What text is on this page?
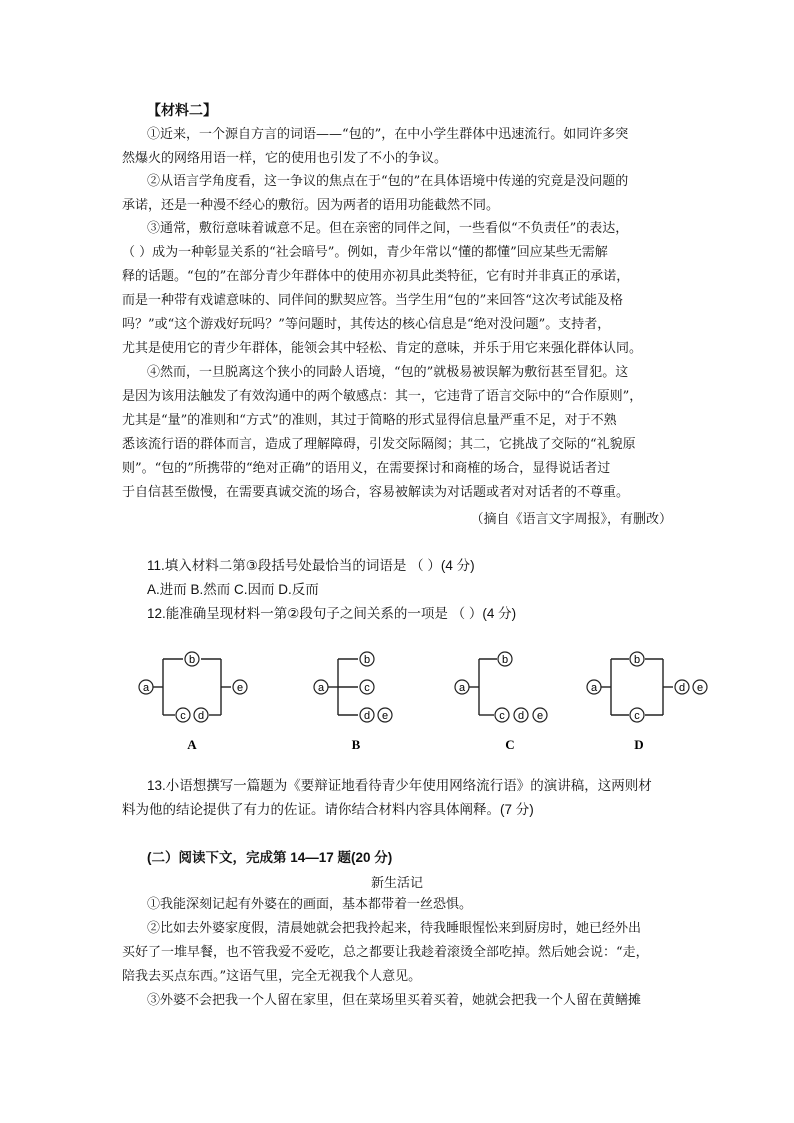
【材料二】
①近来，一个源自方言的词语——“包的”，在中小学生群体中迅速流行。如同许多突
然爆火的网络用语一样，它的使用也引发了不小的争议。
②从语言学角度看，这一争议的焦点在于“包的”在具体语境中传递的究竟是没问题的
承诺，还是一种漫不经心的敷衍。因为两者的语用功能截然不同。
③通常，敷衍意味着诚意不足。但在亲密的同伴之间，一些看似“不负责任”的表达，
（ ）成为一种彰显关系的“社会暗号”。例如，青少年常以“懂的都懂”回应某些无需解
释的话题。“包的”在部分青少年群体中的使用亦初具此类特征，它有时并非真正的承诺，
而是一种带有戏谑意味的、同伴间的默契应答。当学生用“包的”来回答“这次考试能及格
吗？”或“这个游戏好玩吗？”等问题时，其传达的核心信息是“绝对没问题”。支持者，
尤其是使用它的青少年群体，能领会其中轻松、肯定的意味，并乐于用它来强化群体认同。
④然而，一旦脱离这个狭小的同龄人语境，“包的”就极易被误解为敷衍甚至冒犯。这
是因为该用法触发了有效沟通中的两个敏感点：其一，它违背了语言交际中的“合作原则”，
尤其是“量”的准则和“方式”的准则，其过于简略的形式显得信息量严重不足，对于不熟
悉该流行语的群体而言，造成了理解障碍，引发交际隔阂；其二，它挑战了交际的“礼貌原
则”。“包的”所携带的“绝对正确”的语用义，在需要探讨和商榷的场合，显得说话者过
于自信甚至傲慢，在需要真诚交流的场合，容易被解读为对话题或者对对话者的不尊重。
（摘自《语言文字周报》，有删改）
11.填入材料二第③段括号处最恰当的词语是 （ ）(4 分)
A.进而 B.然而 C.因而 D.反而
12.能准确呈现材料一第②段句子之间关系的一项是 （ ）(4 分)
a
b
c d
e	a
b
c
d e
a
b
c d e
a
b
c
d e
A	B	C	D
13.小语想撰写一篇题为《要辩证地看待青少年使用网络流行语》的演讲稿，这两则材
料为他的结论提供了有力的佐证。请你结合材料内容具体阐释。(7 分)
(二）阅读下文，完成第 14—17 题(20 分)
新生活记
①我能深刻记起有外婆在的画面，基本都带着一丝恐惧。
②比如去外婆家度假，清晨她就会把我拎起来，待我睡眼惺忪来到厨房时，她已经外出
买好了一堆早餐，也不管我爱不爱吃，总之都要让我趁着滚烫全部吃掉。然后她会说：“走，
陪我去买点东西。”这语气里，完全无视我个人意见。
③外婆不会把我一个人留在家里，但在菜场里买着买着，她就会把我一个人留在黄鳝摊
